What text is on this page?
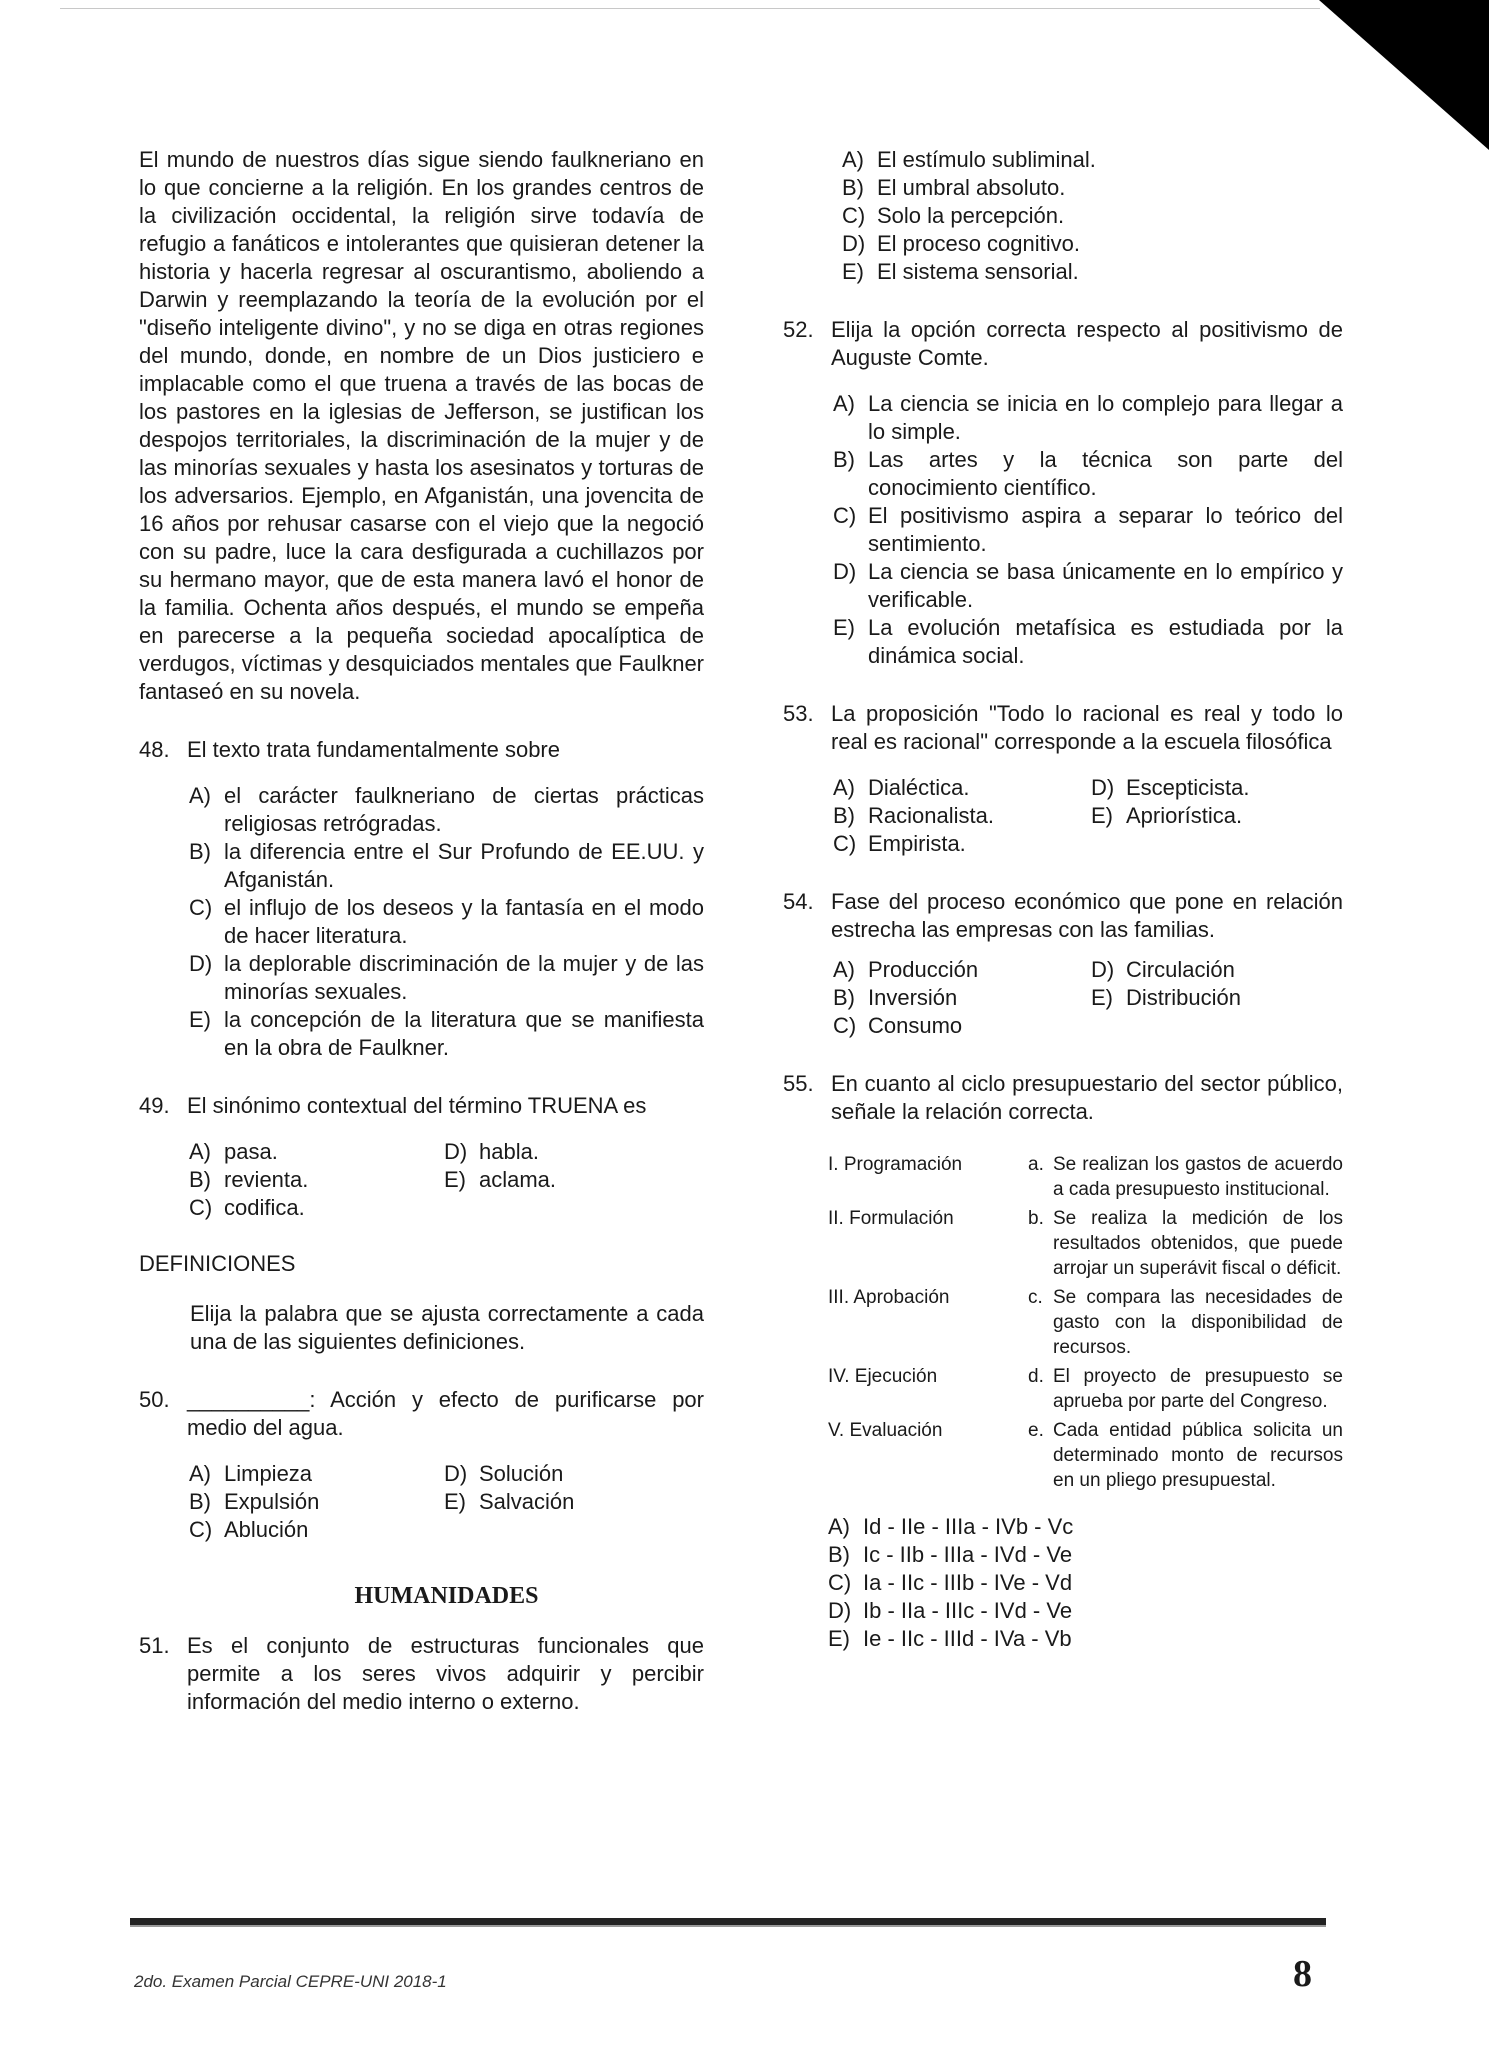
El mundo de nuestros días sigue siendo faulkneriano en lo que concierne a la religión. En los grandes centros de la civilización occidental, la religión sirve todavía de refugio a fanáticos e intolerantes que quisieran detener la historia y hacerla regresar al oscurantismo, aboliendo a Darwin y reemplazando la teoría de la evolución por el "diseño inteligente divino", y no se diga en otras regiones del mundo, donde, en nombre de un Dios justiciero e implacable como el que truena a través de las bocas de los pastores en la iglesias de Jefferson, se justifican los despojos territoriales, la discriminación de la mujer y de las minorías sexuales y hasta los asesinatos y torturas de los adversarios. Ejemplo, en Afganistán, una jovencita de 16 años por rehusar casarse con el viejo que la negoció con su padre, luce la cara desfigurada a cuchillazos por su hermano mayor, que de esta manera lavó el honor de la familia. Ochenta años después, el mundo se empeña en parecerse a la pequeña sociedad apocalíptica de verdugos, víctimas y desquiciados mentales que Faulkner fantaseó en su novela.

48. El texto trata fundamentalmente sobre
A) el carácter faulkneriano de ciertas prácticas religiosas retrógradas.
B) la diferencia entre el Sur Profundo de EE.UU. y Afganistán.
C) el influjo de los deseos y la fantasía en el modo de hacer literatura.
D) la deplorable discriminación de la mujer y de las minorías sexuales.
E) la concepción de la literatura que se manifiesta en la obra de Faulkner.
49. El sinónimo contextual del término TRUENA es
A) pasa.	D) habla.
B) revienta.	E) aclama.
C) codifica.
DEFINICIONES
Elija la palabra que se ajusta correctamente a cada una de las siguientes definiciones.
50. __________: Acción y efecto de purificarse por medio del agua.
A) Limpieza	D) Solución
B) Expulsión	E) Salvación
C) Ablución
HUMANIDADES
51. Es el conjunto de estructuras funcionales que permite a los seres vivos adquirir y percibir información del medio interno o externo.
A) El estímulo subliminal.
B) El umbral absoluto.
C) Solo la percepción.
D) El proceso cognitivo.
E) El sistema sensorial.
52. Elija la opción correcta respecto al positivismo de Auguste Comte.
A) La ciencia se inicia en lo complejo para llegar a lo simple.
B) Las artes y la técnica son parte del conocimiento científico.
C) El positivismo aspira a separar lo teórico del sentimiento.
D) La ciencia se basa únicamente en lo empírico y verificable.
E) La evolución metafísica es estudiada por la dinámica social.
53. La proposición "Todo lo racional es real y todo lo real es racional" corresponde a la escuela filosófica
A) Dialéctica.	D) Escepticista.
B) Racionalista.	E) Apriorística.
C) Empirista.
54. Fase del proceso económico que pone en relación estrecha las empresas con las familias.
A) Producción	D) Circulación
B) Inversión	E) Distribución
C) Consumo
55. En cuanto al ciclo presupuestario del sector público, señale la relación correcta.
I. Programación	a. Se realizan los gastos de acuerdo a cada presupuesto institucional.
II. Formulación	b. Se realiza la medición de los resultados obtenidos, que puede arrojar un superávit fiscal o déficit.
III. Aprobación	c. Se compara las necesidades de gasto con la disponibilidad de recursos.
IV. Ejecución	d. El proyecto de presupuesto se aprueba por parte del Congreso.
V. Evaluación	e. Cada entidad pública solicita un determinado monto de recursos en un pliego presupuestal.
A) Id - IIe - IIIa - IVb - Vc
B) Ic - IIb - IIIa - IVd - Ve
C) Ia - IIc - IIIb - IVe - Vd
D) Ib - IIa - IIIc - IVd - Ve
E) Ie - IIc - IIId - IVa - Vb
2do. Examen Parcial CEPRE-UNI 2018-1	8
